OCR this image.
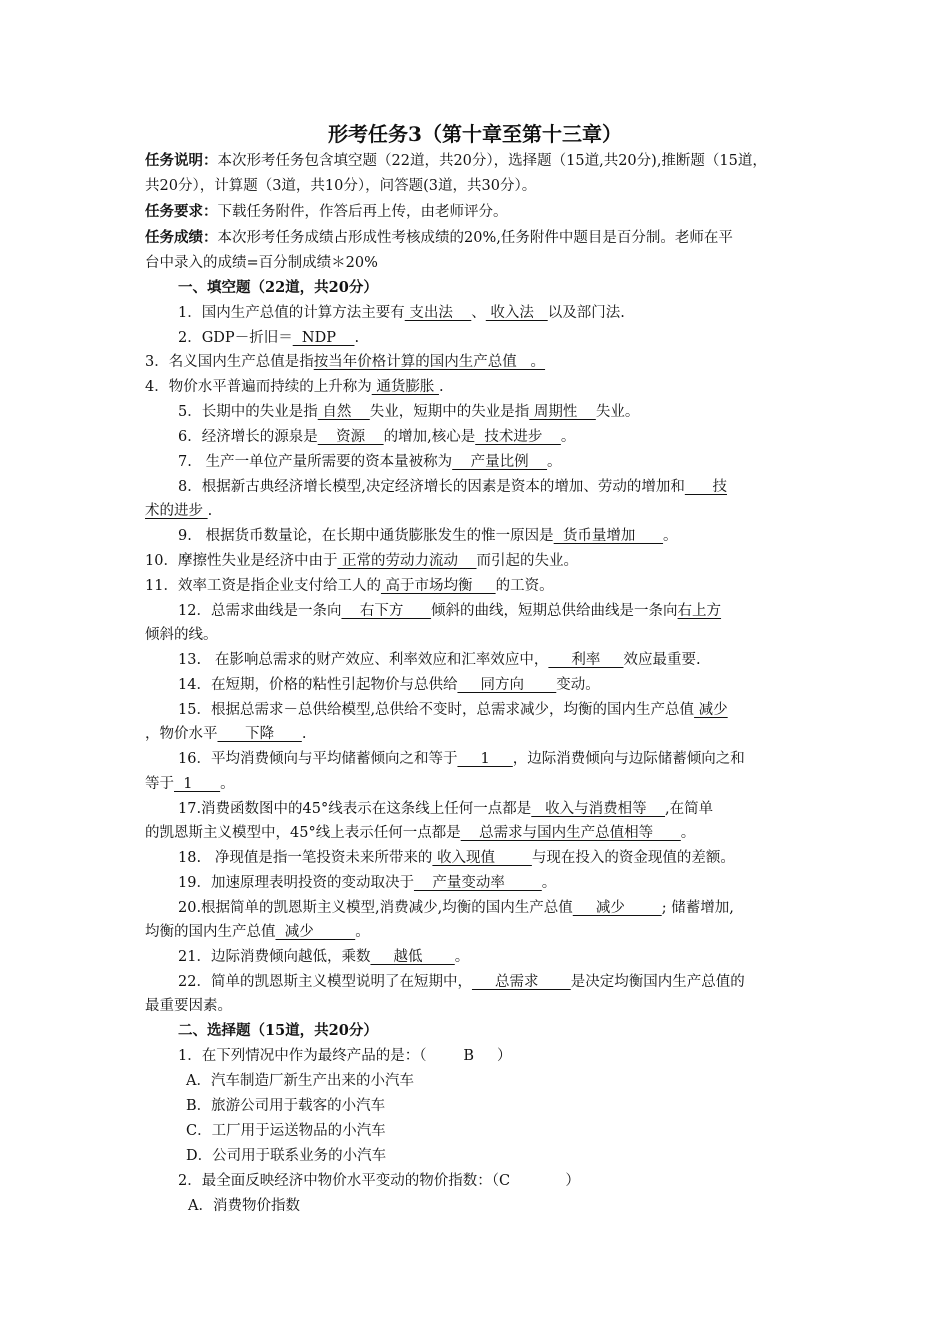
形考任务3（第十章至第十三章）
任务说明：本次形考任务包含填空题（22道，共20分），选择题（15道,共20分),推断题（15道，
共20分），计算题（3道，共10分），问答题(3道，共30分）。
任务要求：下载任务附件，作答后再上传，由老师评分。
任务成绩：本次形考任务成绩占形成性考核成绩的20%,任务附件中题目是百分制。老师在平
台中录入的成绩=百分制成绩＊20%
一、填空题（22道，共20分）
1．国内生产总值的计算方法主要有 支出法    、 收入法   以及部门法.
2．GDP－折旧＝  NDP    .
3．名义国内生产总值是指按当年价格计算的国内生产总值   。
4．物价水平普遍而持续的上升称为 通货膨胀 .
5．长期中的失业是指 自然    失业，短期中的失业是指 周期性    失业。
6．经济增长的源泉是    资源    的增加,核心是  技术进步    。
7.   生产一单位产量所需要的资本量被称为    产量比例    。
8．根据新古典经济增长模型,决定经济增长的因素是资本的增加、劳动的增加和      技
术的进步 .
9.   根据货币数量论，在长期中通货膨胀发生的惟一原因是  货币量增加      。
10．摩擦性失业是经济中由于 正常的劳动力流动    而引起的失业。
11．效率工资是指企业支付给工人的 高于市场均衡     的工资。
12．总需求曲线是一条向    右下方      倾斜的曲线，短期总供给曲线是一条向右上方
倾斜的线。
13.   在影响总需求的财产效应、利率效应和汇率效应中，     利率     效应最重要.
14．在短期，价格的粘性引起物价与总供给     同方向       变动。
15．根据总需求－总供给模型,总供给不变时，总需求减少，均衡的国内生产总值 减少
，物价水平      下降      .
16．平均消费倾向与平均储蓄倾向之和等于     1     ，边际消费倾向与边际储蓄倾向之和
等于  1      。
17.消费函数图中的45°线表示在这条线上任何一点都是   收入与消费相等    ,在简单
的凯恩斯主义模型中，45°线上表示任何一点都是    总需求与国内生产总值相等      。
18.   净现值是指一笔投资未来所带来的 收入现值        与现在投入的资金现值的差额。
19．加速原理表明投资的变动取决于    产量变动率        。
20.根据简单的凯恩斯主义模型,消费减少,均衡的国内生产总值     减少        ; 储蓄增加,
均衡的国内生产总值  减少         。
21．边际消费倾向越低，乘数     越低       。
22．简单的凯恩斯主义模型说明了在短期中，     总需求       是决定均衡国内生产总值的
最重要因素。
二、选择题（15道，共20分）
1．在下列情况中作为最终产品的是：（        B     ）
A．汽车制造厂新生产出来的小汽车
B．旅游公司用于载客的小汽车
C．工厂用于运送物品的小汽车
D．公司用于联系业务的小汽车
2．最全面反映经济中物价水平变动的物价指数：（C            ）
A．消费物价指数
